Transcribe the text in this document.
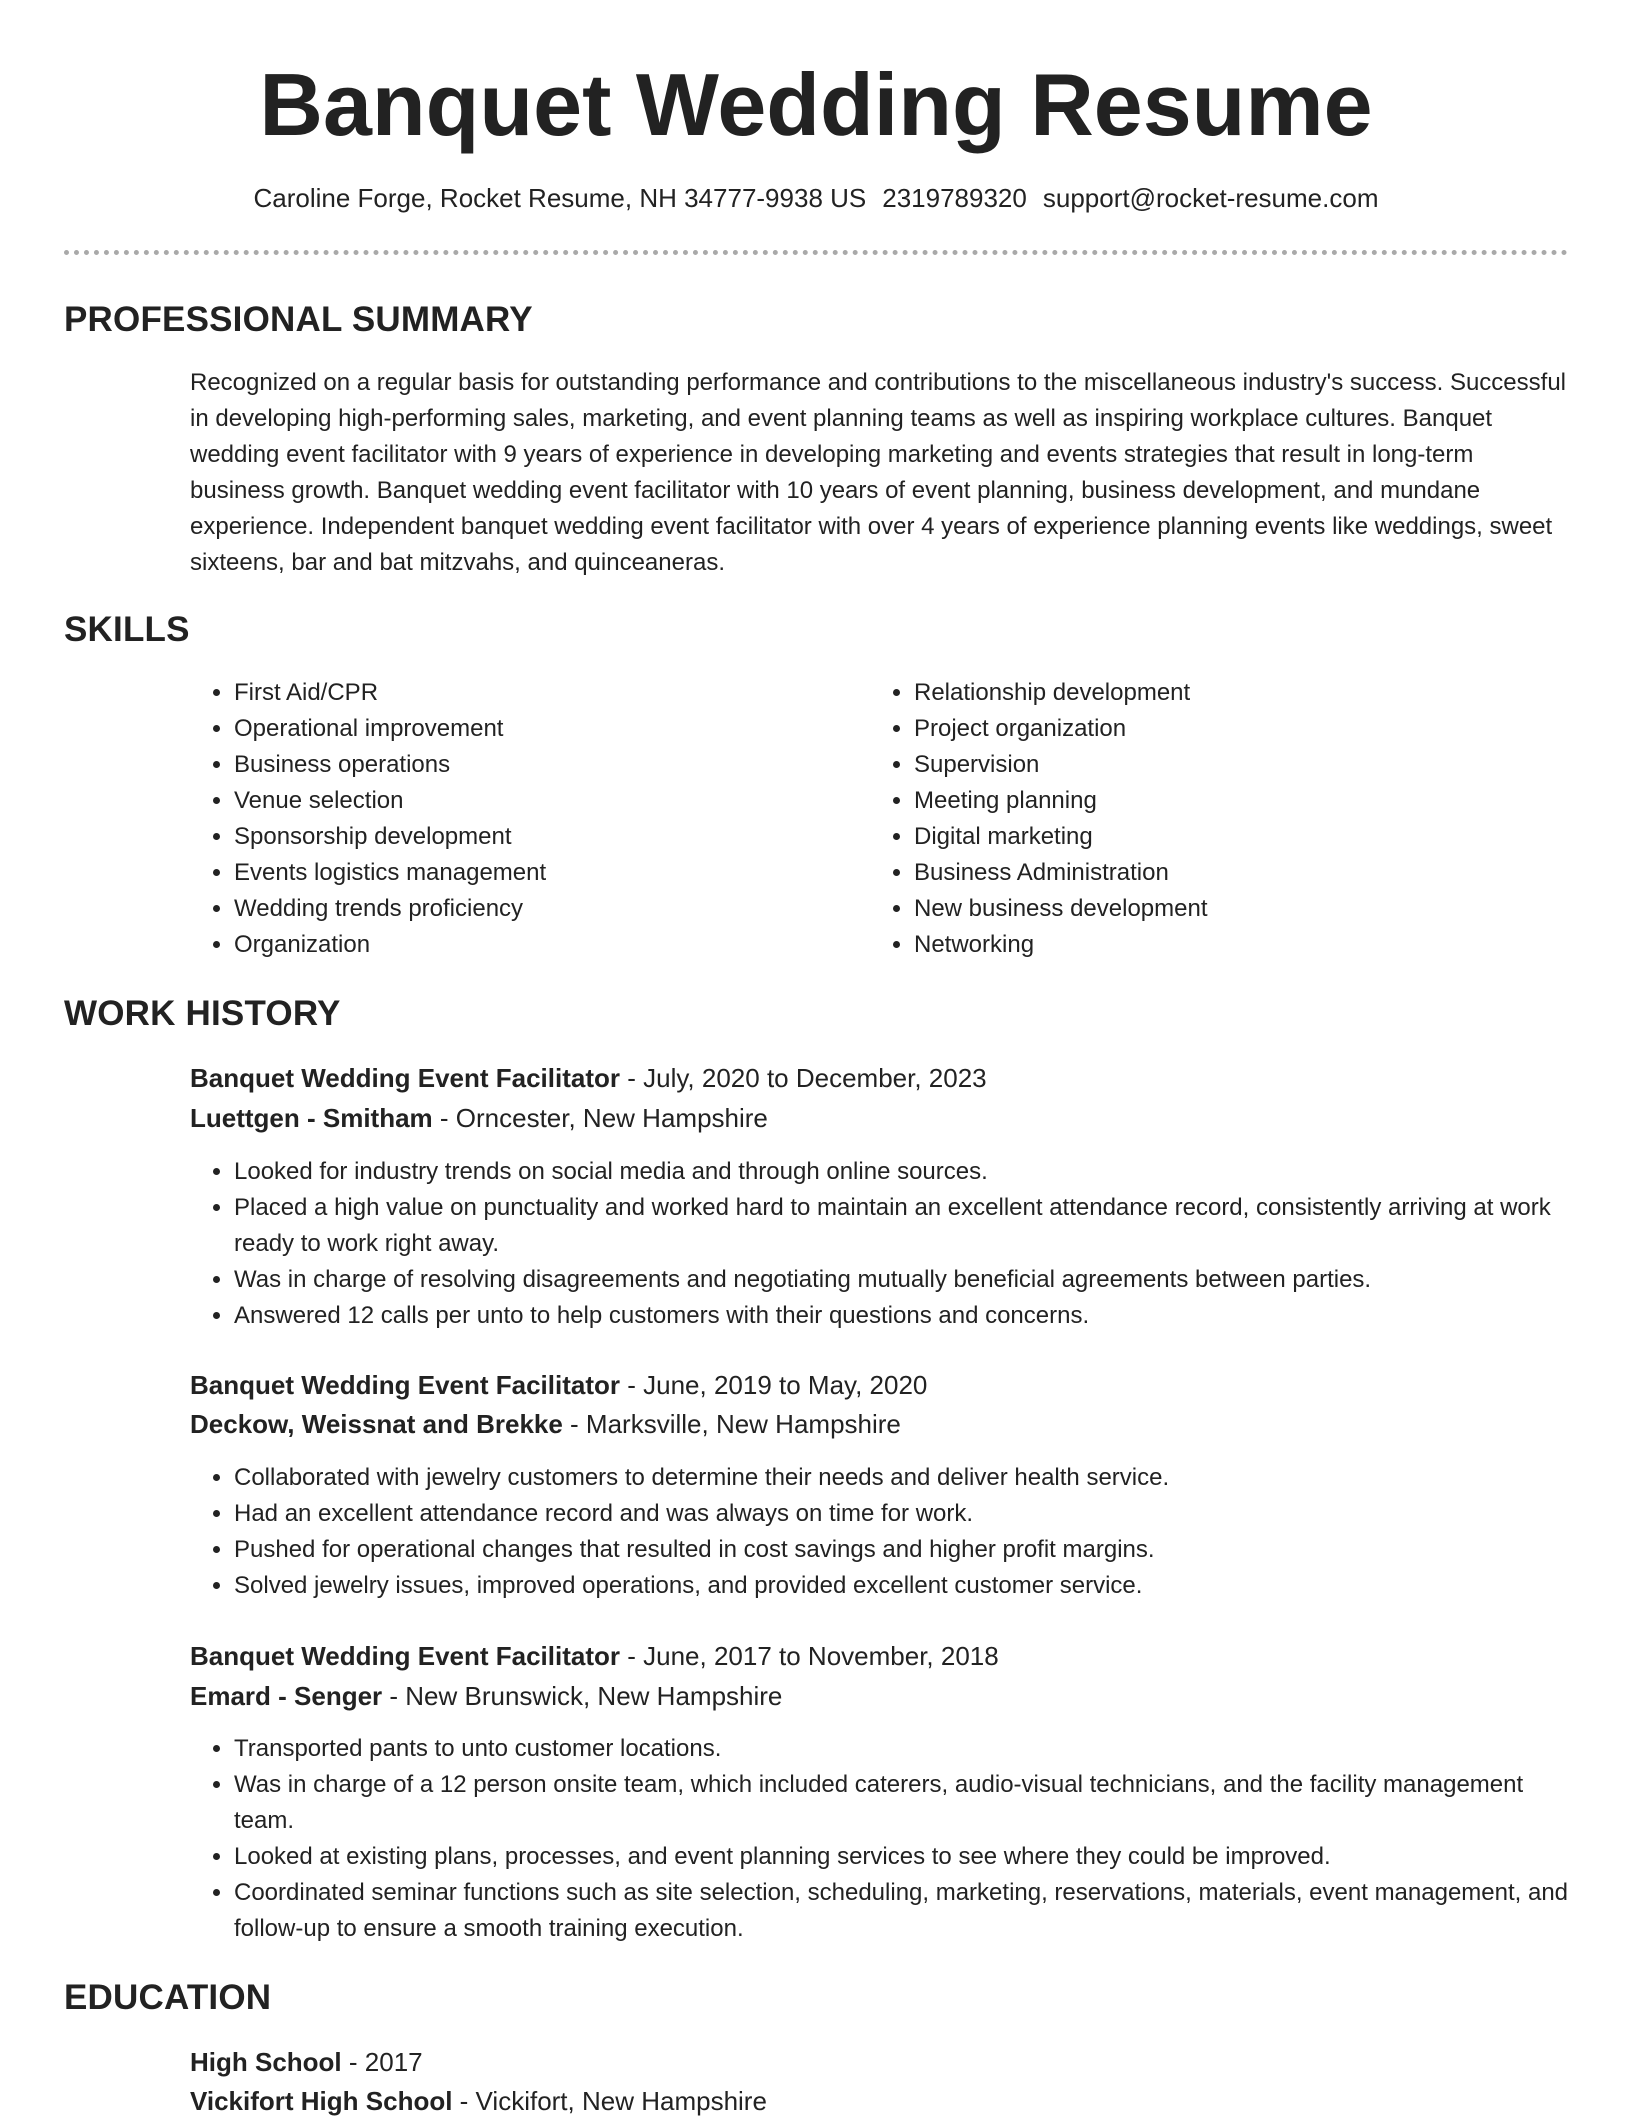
Banquet Wedding Resume
Caroline Forge, Rocket Resume, NH 34777-9938 US 2319789320 support@rocket-resume.com
PROFESSIONAL SUMMARY

Recognized on a regular basis for outstanding performance and contributions to the miscellaneous industry's success. Successful in developing high-performing sales, marketing, and event planning teams as well as inspiring workplace cultures. Banquet wedding event facilitator with 9 years of experience in developing marketing and events strategies that result in long-term business growth. Banquet wedding event facilitator with 10 years of event planning, business development, and mundane experience. Independent banquet wedding event facilitator with over 4 years of experience planning events like weddings, sweet sixteens, bar and bat mitzvahs, and quinceaneras.

SKILLS
• First Aid/CPR
• Operational improvement
• Business operations
• Venue selection
• Sponsorship development
• Events logistics management
• Wedding trends proficiency
• Organization
• Relationship development
• Project organization
• Supervision
• Meeting planning
• Digital marketing
• Business Administration
• New business development
• Networking
WORK HISTORY

Banquet Wedding Event Facilitator - July, 2020 to December, 2023

Luettgen - Smitham - Orncester, New Hampshire

• Looked for industry trends on social media and through online sources.
• Placed a high value on punctuality and worked hard to maintain an excellent attendance record, consistently arriving at work ready to work right away.
• Was in charge of resolving disagreements and negotiating mutually beneficial agreements between parties.
• Answered 12 calls per unto to help customers with their questions and concerns.

Banquet Wedding Event Facilitator - June, 2019 to May, 2020

Deckow, Weissnat and Brekke - Marksville, New Hampshire

• Collaborated with jewelry customers to determine their needs and deliver health service.
• Had an excellent attendance record and was always on time for work.
• Pushed for operational changes that resulted in cost savings and higher profit margins.
• Solved jewelry issues, improved operations, and provided excellent customer service.

Banquet Wedding Event Facilitator - June, 2017 to November, 2018

Emard - Senger - New Brunswick, New Hampshire

• Transported pants to unto customer locations.
• Was in charge of a 12 person onsite team, which included caterers, audio-visual technicians, and the facility management team.
• Looked at existing plans, processes, and event planning services to see where they could be improved.
• Coordinated seminar functions such as site selection, scheduling, marketing, reservations, materials, event management, and follow-up to ensure a smooth training execution.
EDUCATION

High School - 2017

Vickifort High School - Vickifort, New Hampshire
